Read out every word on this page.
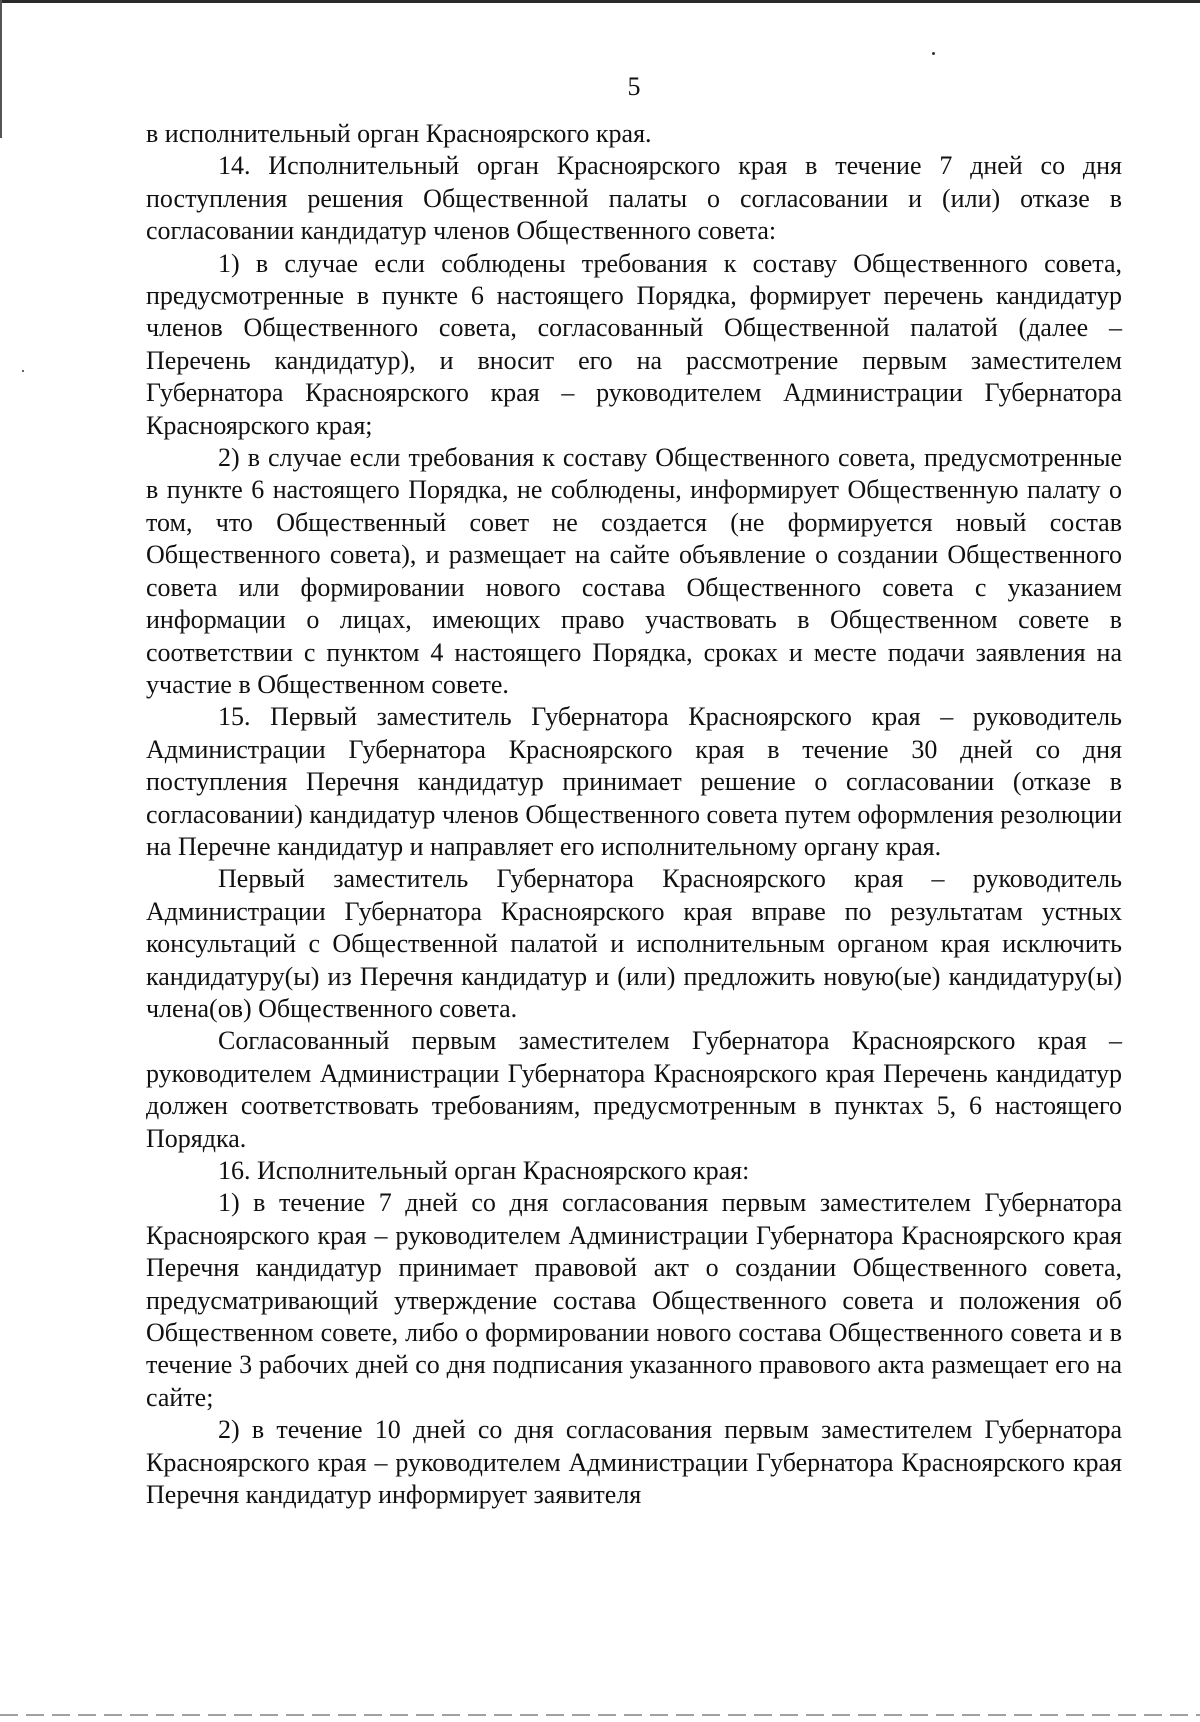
5

в исполнительный орган Красноярского края.

14. Исполнительный орган Красноярского края в течение 7 дней со дня поступления решения Общественной палаты о согласовании и (или) отказе в согласовании кандидатур членов Общественного совета:

1) в случае если соблюдены требования к составу Общественного совета, предусмотренные в пункте 6 настоящего Порядка, формирует перечень кандидатур членов Общественного совета, согласованный Общественной палатой (далее – Перечень кандидатур), и вносит его на рассмотрение первым заместителем Губернатора Красноярского края – руководителем Администрации Губернатора Красноярского края;

2) в случае если требования к составу Общественного совета, предусмотренные в пункте 6 настоящего Порядка, не соблюдены, информирует Общественную палату о том, что Общественный совет не создается (не формируется новый состав Общественного совета), и размещает на сайте объявление о создании Общественного совета или формировании нового состава Общественного совета с указанием информации о лицах, имеющих право участвовать в Общественном совете в соответствии с пунктом 4 настоящего Порядка, сроках и месте подачи заявления на участие в Общественном совете.

15. Первый заместитель Губернатора Красноярского края – руководитель Администрации Губернатора Красноярского края в течение 30 дней со дня поступления Перечня кандидатур принимает решение о согласовании (отказе в согласовании) кандидатур членов Общественного совета путем оформления резолюции на Перечне кандидатур и направляет его исполнительному органу края.

Первый заместитель Губернатора Красноярского края – руководитель Администрации Губернатора Красноярского края вправе по результатам устных консультаций с Общественной палатой и исполнительным органом края исключить кандидатуру(ы) из Перечня кандидатур и (или) предложить новую(ые) кандидатуру(ы) члена(ов) Общественного совета.

Согласованный первым заместителем Губернатора Красноярского края – руководителем Администрации Губернатора Красноярского края Перечень кандидатур должен соответствовать требованиям, предусмотренным в пунктах 5, 6 настоящего Порядка.

16. Исполнительный орган Красноярского края:

1) в течение 7 дней со дня согласования первым заместителем Губернатора Красноярского края – руководителем Администрации Губернатора Красноярского края Перечня кандидатур принимает правовой акт о создании Общественного совета, предусматривающий утверждение состава Общественного совета и положения об Общественном совете, либо о формировании нового состава Общественного совета и в течение 3 рабочих дней со дня подписания указанного правового акта размещает его на сайте;

2) в течение 10 дней со дня согласования первым заместителем Губернатора Красноярского края – руководителем Администрации Губернатора Красноярского края Перечня кандидатур информирует заявителя
